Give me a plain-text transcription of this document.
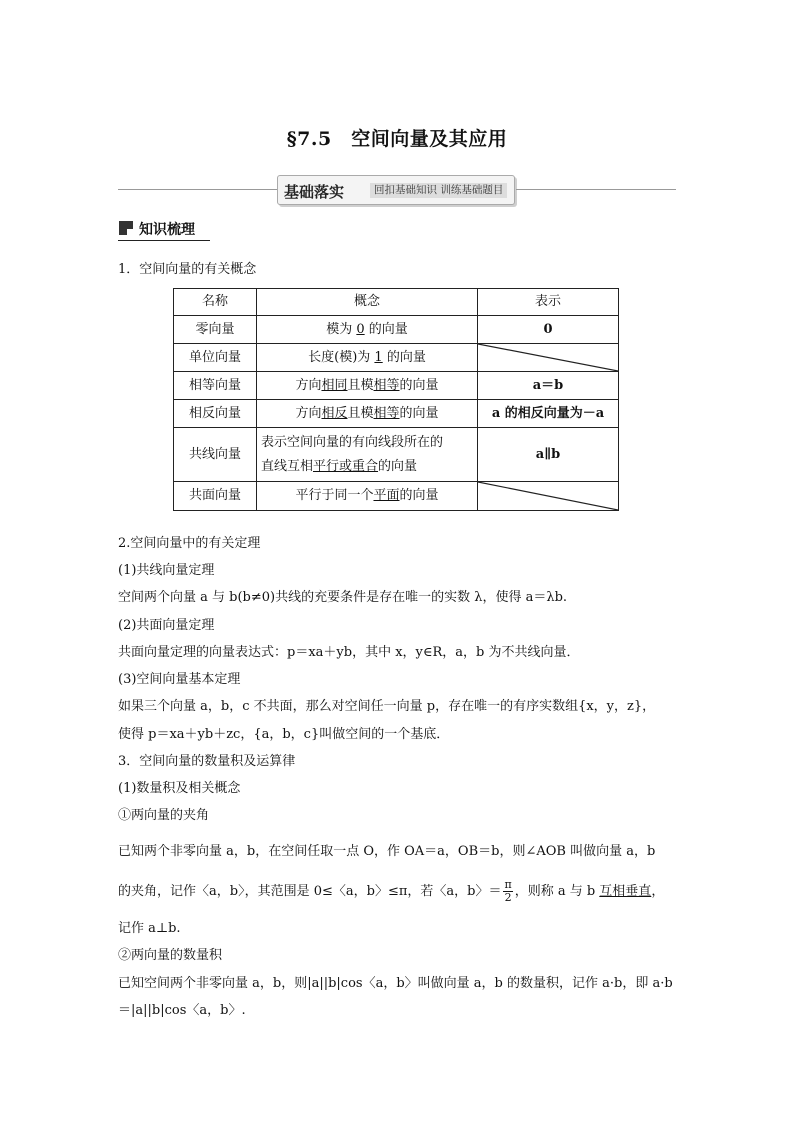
§7.5　空间向量及其应用
基础落实	回扣基础知识 训练基础题目
知识梳理
1．空间向量的有关概念
名称	概念	表示
零向量	模为 0 的向量	0
单位向量	长度(模)为 1 的向量	

相等向量	方向相同且模相等的向量	a＝b
相反向量	方向相反且模相等的向量	a 的相反向量为－a
共线向量	表示空间向量的有向线段所在的
直线互相平行或重合的向量	a∥b
共面向量	平行于同一个平面的向量	
2.空间向量中的有关定理
(1)共线向量定理
空间两个向量 a 与 b(b≠0)共线的充要条件是存在唯一的实数 λ，使得 a＝λb.
(2)共面向量定理
共面向量定理的向量表达式：p＝xa＋yb，其中 x，y∈R，a，b 为不共线向量．
(3)空间向量基本定理
如果三个向量 a，b，c 不共面，那么对空间任一向量 p，存在唯一的有序实数组{x，y，z}，
使得 p＝xa＋yb＋zc，{a，b，c}叫做空间的一个基底．
3．空间向量的数量积及运算律
(1)数量积及相关概念
①两向量的夹角
已知两个非零向量 a，b，在空间任取一点 O，作 OA＝a，OB＝b，则∠AOB 叫做向量 a，b
的夹角，记作〈a，b〉，其范围是 0≤〈a，b〉≤π，若〈a，b〉＝ $\frac{\pi}{2}$ ，则称 a 与 b 互相垂直，
记作 a⊥b.
②两向量的数量积
已知空间两个非零向量 a，b，则|a||b|cos〈a，b〉叫做向量 a，b 的数量积，记作 a·b，即 a·b
＝|a||b|cos〈a，b〉.
